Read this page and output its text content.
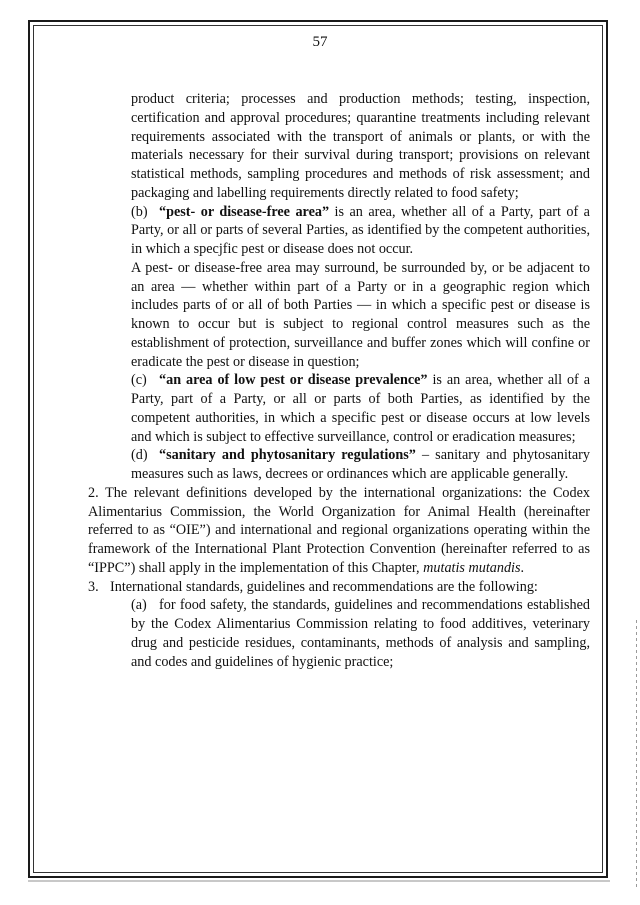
57

product criteria; processes and production methods; testing, inspection, certification and approval procedures; quarantine treatments including relevant requirements associated with the transport of animals or plants, or with the materials necessary for their survival during transport; provisions on relevant statistical methods, sampling procedures and methods of risk assessment; and packaging and labelling requirements directly related to food safety;

(b) “pest- or disease-free area” is an area, whether all of a Party, part of a Party, or all or parts of several Parties, as identified by the competent authorities, in which a specjfic pest or disease does not occur.

A pest- or disease-free area may surround, be surrounded by, or be adjacent to an area — whether within part of a Party or in a geographic region which includes parts of or all of both Parties — in which a specific pest or disease is known to occur but is subject to regional control measures such as the establishment of protection, surveillance and buffer zones which will confine or eradicate the pest or disease in question;

(c) “an area of low pest or disease prevalence” is an area, whether all of a Party, part of a Party, or all or parts of both Parties, as identified by the competent authorities, in which a specific pest or disease occurs at low levels and which is subject to effective surveillance, control or eradication measures;

(d) “sanitary and phytosanitary regulations” – sanitary and phytosanitary measures such as laws, decrees or ordinances which are applicable generally.

2. The relevant definitions developed by the international organizations: the Codex Alimentarius Commission, the World Organization for Animal Health (hereinafter referred to as “OIE”) and international and regional organizations operating within the framework of the International Plant Protection Convention (hereinafter referred to as “IPPC”) shall apply in the implementation of this Chapter, mutatis mutandis.

3. International standards, guidelines and recommendations are the following:

(a) for food safety, the standards, guidelines and recommendations established by the Codex Alimentarius Commission relating to food additives, veterinary drug and pesticide residues, contaminants, methods of analysis and sampling, and codes and guidelines of hygienic practice;
